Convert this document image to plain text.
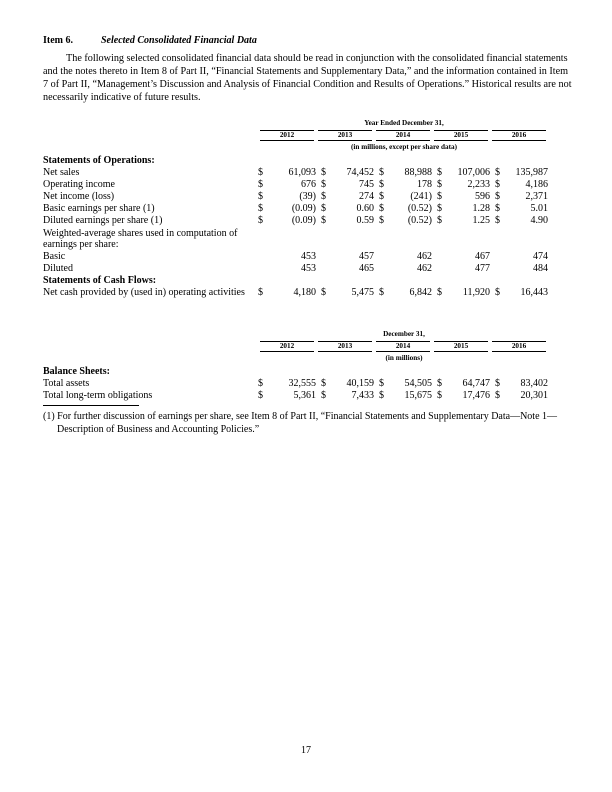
Item 6.	Selected Consolidated Financial Data

The following selected consolidated financial data should be read in conjunction with the consolidated financial statements and the notes thereto in Item 8 of Part II, “Financial Statements and Supplementary Data,” and the information contained in Item 7 of Part II, “Management’s Discussion and Analysis of Financial Condition and Results of Operations.” Historical results are not necessarily indicative of future results.

Year Ended December 31,
(in millions, except per share data)
2012	2013	2014	2015	2016
Statements of Operations:										
Net sales	$	61,093	$	74,452	$	88,988	$	107,006	$	135,987
Operating income	$	676	$	745	$	178	$	2,233	$	4,186
Net income (loss)	$	(39)	$	274	$	(241)	$	596	$	2,371
Basic earnings per share (1)	$	(0.09)	$	0.60	$	(0.52)	$	1.28	$	5.01
Diluted earnings per share (1)	$	(0.09)	$	0.59	$	(0.52)	$	1.25	$	4.90
Weighted-average shares used in computation of earnings per share:										
Basic		453		457		462		467		474
Diluted		453		465		462		477		484
Statements of Cash Flows:										
Net cash provided by (used in) operating activities	$	4,180	$	5,475	$	6,842	$	11,920	$	16,443
December 31,
(in millions)
2012	2013	2014	2015	2016
Balance Sheets:										
Total assets	$	32,555	$	40,159	$	54,505	$	64,747	$	83,402
Total long-term obligations	$	5,361	$	7,433	$	15,675	$	17,476	$	20,301

(1) For further discussion of earnings per share, see Item 8 of Part II, “Financial Statements and Supplementary Data—Note 1—Description of Business and Accounting Policies.”

17
